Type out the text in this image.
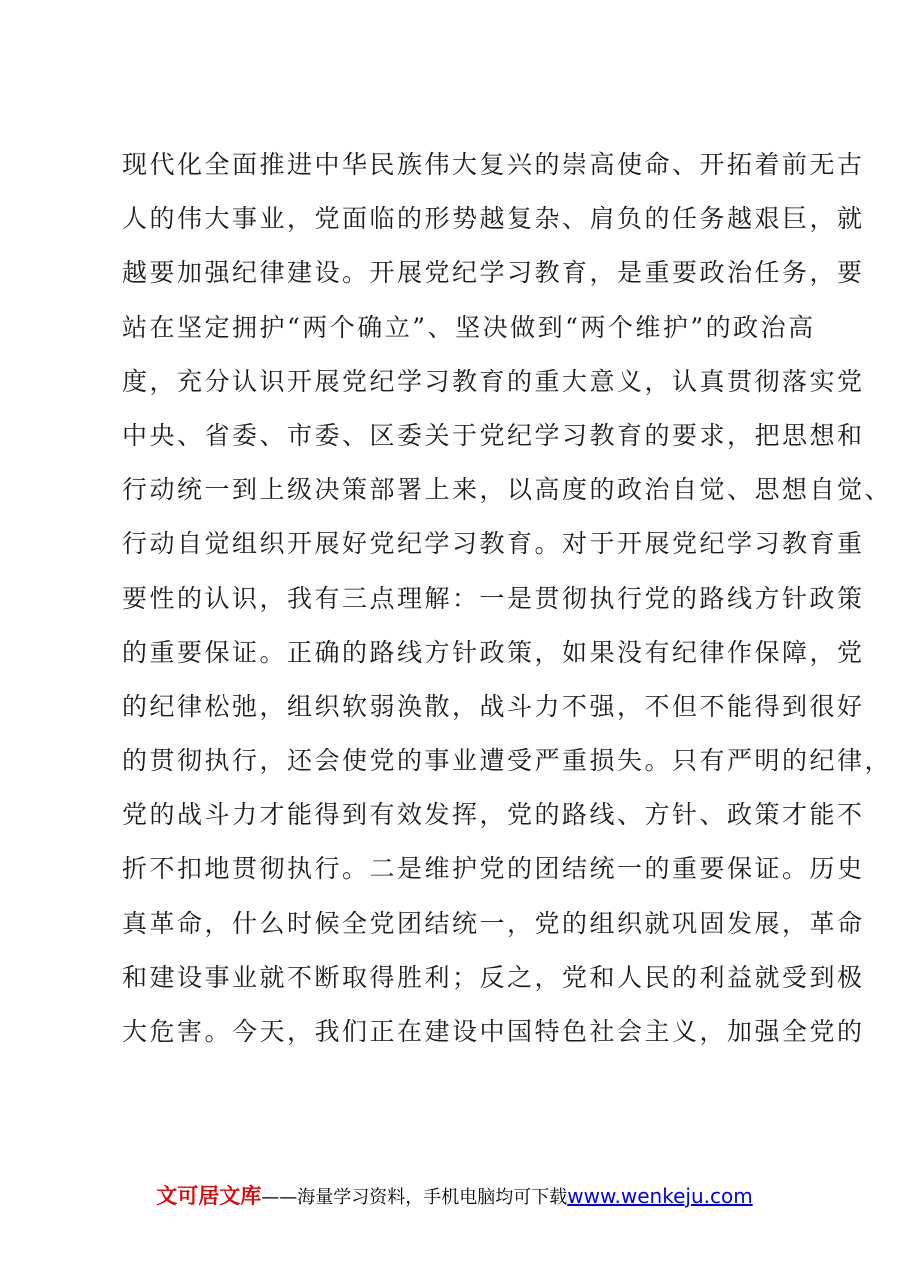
现代化全面推进中华民族伟大复兴的崇高使命、开拓着前无古
人的伟大事业，党面临的形势越复杂、肩负的任务越艰巨，就
越要加强纪律建设。开展党纪学习教育，是重要政治任务，要
站在坚定拥护“两个确立”、坚决做到“两个维护”的政治高
度，充分认识开展党纪学习教育的重大意义，认真贯彻落实党
中央、省委、市委、区委关于党纪学习教育的要求，把思想和
行动统一到上级决策部署上来，以高度的政治自觉、思想自觉、
行动自觉组织开展好党纪学习教育。对于开展党纪学习教育重
要性的认识，我有三点理解：一是贯彻执行党的路线方针政策
的重要保证。正确的路线方针政策，如果没有纪律作保障，党
的纪律松弛，组织软弱涣散，战斗力不强，不但不能得到很好
的贯彻执行，还会使党的事业遭受严重损失。只有严明的纪律，
党的战斗力才能得到有效发挥，党的路线、方针、政策才能不
折不扣地贯彻执行。二是维护党的团结统一的重要保证。历史
真革命，什么时候全党团结统一，党的组织就巩固发展，革命
和建设事业就不断取得胜利；反之，党和人民的利益就受到极
大危害。今天，我们正在建设中国特色社会主义，加强全党的
文可居文库——海量学习资料，手机电脑均可下载www.wenkeju.com
